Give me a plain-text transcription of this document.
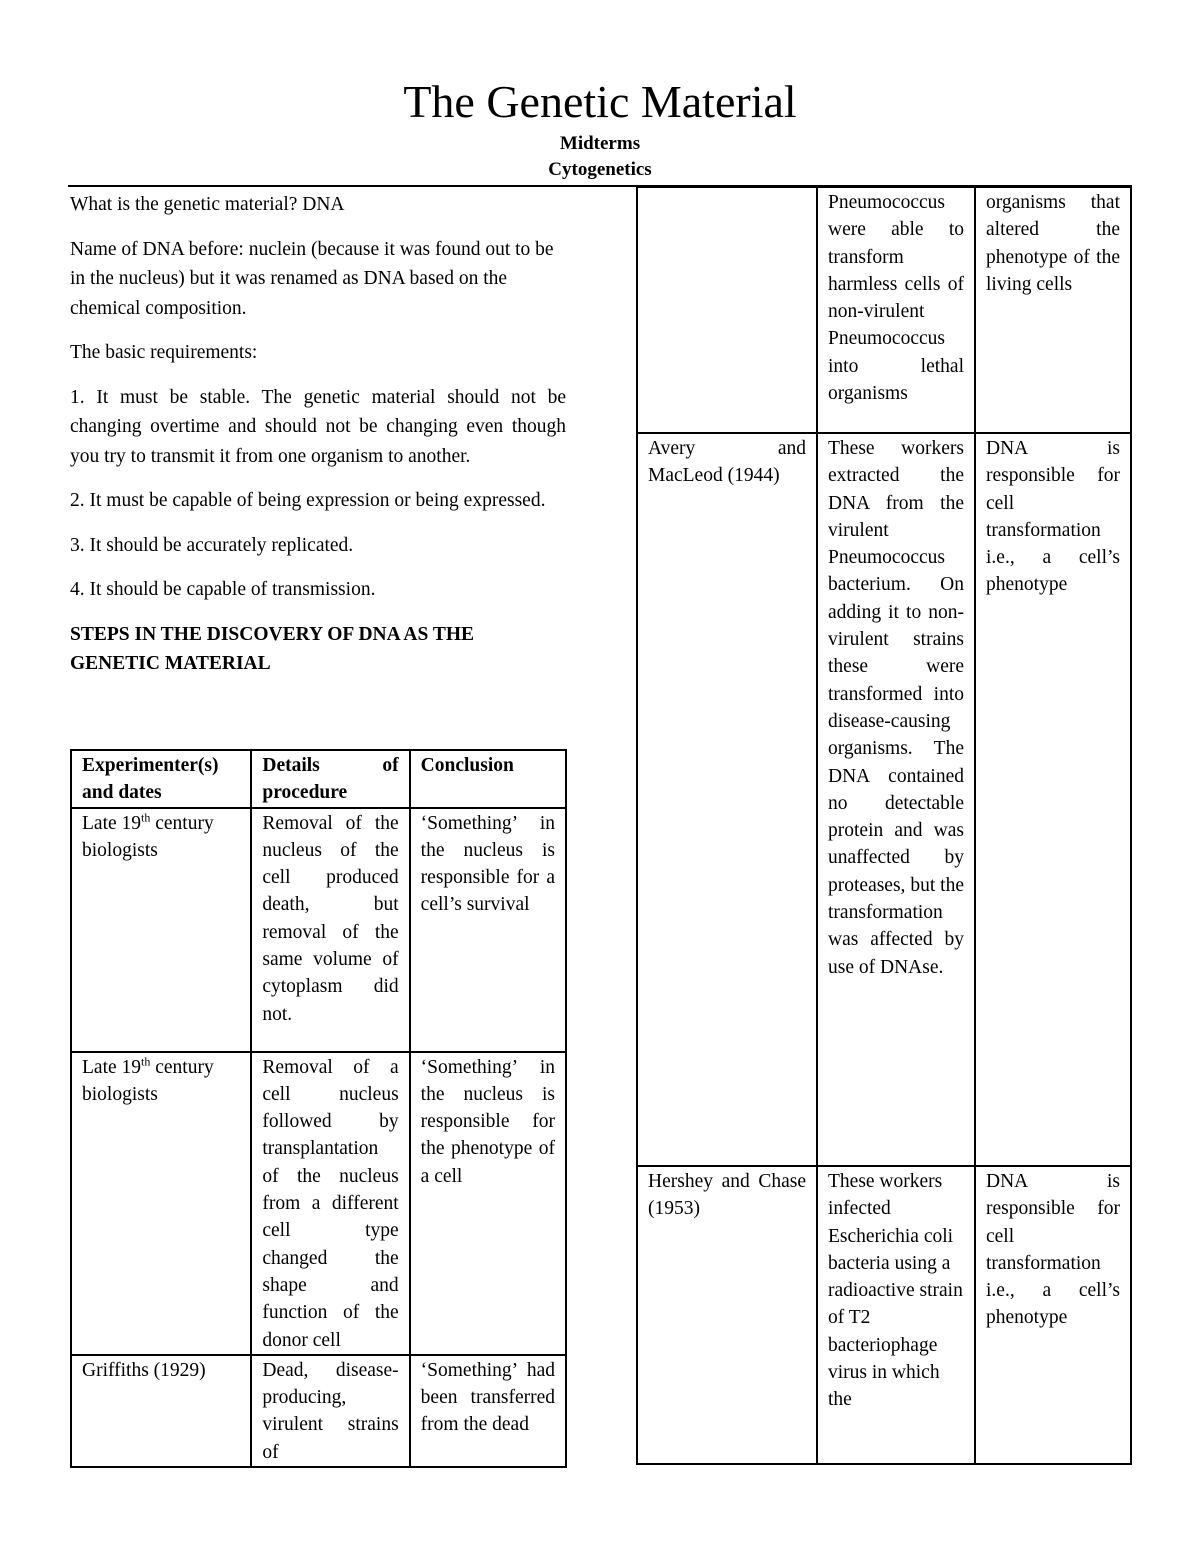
The Genetic Material
Midterms
Cytogenetics

What is the genetic material? DNA

Name of DNA before: nuclein (because it was found out to be in the nucleus) but it was renamed as DNA based on the chemical composition.

The basic requirements:

1. It must be stable. The genetic material should not be changing overtime and should not be changing even though you try to transmit it from one organism to another.

2. It must be capable of being expression or being expressed.

3. It should be accurately replicated.

4. It should be capable of transmission.

STEPS IN THE DISCOVERY OF DNA AS THE GENETIC MATERIAL

Experimenter(s) and dates	Details of procedure	Conclusion
Late 19th century biologists	Removal of the nucleus of the cell produced death, but removal of the same volume of cytoplasm did not.	‘Something’ in the nucleus is responsible for a cell’s survival
Late 19th century biologists	Removal of a cell nucleus followed by transplantation of the nucleus from a different cell type changed the shape and function of the donor cell	‘Something’ in the nucleus is responsible for the phenotype of a cell
Griffiths (1929)	Dead, disease-producing, virulent strains of	‘Something’ had been transferred from the dead
	Pneumococcus were able to transform harmless cells of non-virulent Pneumococcus into lethal organisms	organisms that altered the phenotype of the living cells
Avery and MacLeod (1944)	These workers extracted the DNA from the virulent Pneumococcus bacterium. On adding it to non-virulent strains these were transformed into disease-causing organisms. The DNA contained no detectable protein and was unaffected by proteases, but the transformation was affected by use of DNAse.	DNA is responsible for cell transformation i.e., a cell’s phenotype
Hershey and Chase (1953)	These workers infected Escherichia coli bacteria using a radioactive strain of T2 bacteriophage virus in which the	DNA is responsible for cell transformation i.e., a cell’s phenotype
